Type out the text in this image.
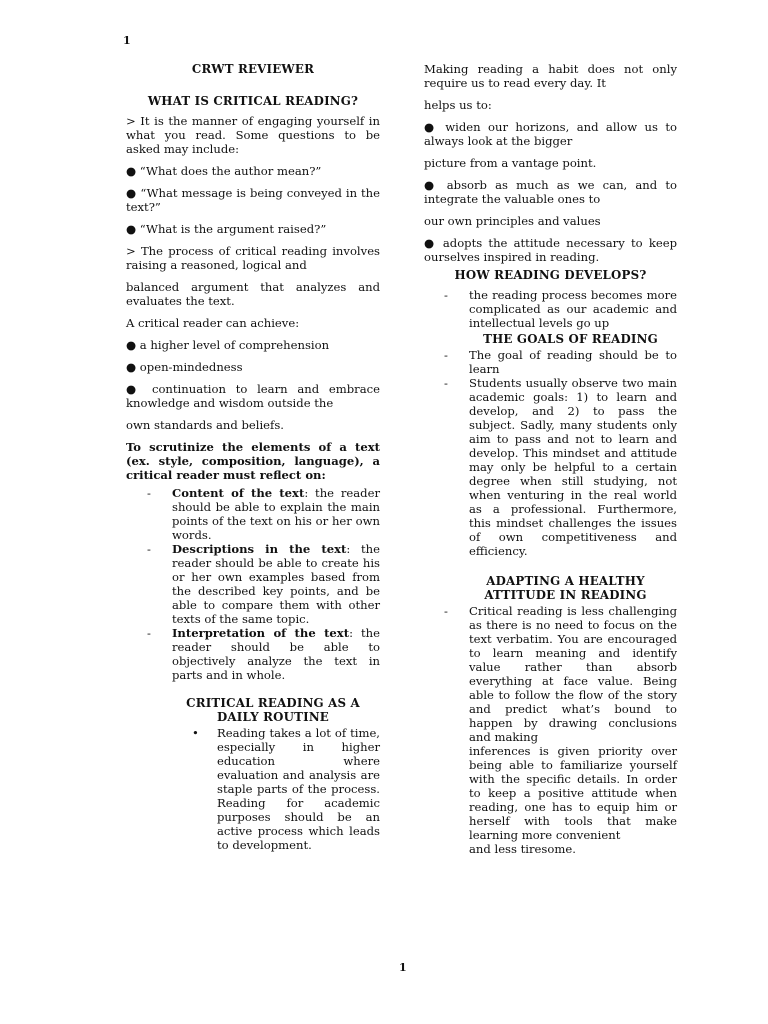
1
CRWT REVIEWER
WHAT IS CRITICAL READING?
> It is the manner of engaging yourself in what you read. Some questions to be asked may include:
● “What does the author mean?”
● “What message is being conveyed in the text?”
● “What is the argument raised?”
> The process of critical reading involves raising a reasoned, logical and
balanced argument that analyzes and evaluates the text.
A critical reader can achieve:
● a higher level of comprehension
● open-mindedness
● continuation to learn and embrace knowledge and wisdom outside the
own standards and beliefs.
To scrutinize the elements of a text (ex. style, composition, language), a critical reader must reflect on:
- Content of the text: the reader should be able to explain the main points of the text on his or her own words.
- Descriptions in the text: the reader should be able to create his or her own examples based from the described key points, and be able to compare them with other texts of the same topic.
- Interpretation of the text: the reader should be able to objectively analyze the text in parts and in whole.
CRITICAL READING AS A DAILY ROUTINE
• Reading takes a lot of time, especially in higher education where evaluation and analysis are staple parts of the process. Reading for academic purposes should be an active process which leads to development.
Making reading a habit does not only require us to read every day. It
helps us to:
● widen our horizons, and allow us to always look at the bigger
picture from a vantage point.
● absorb as much as we can, and to integrate the valuable ones to
our own principles and values
● adopts the attitude necessary to keep ourselves inspired in reading.
HOW READING DEVELOPS?
- the reading process becomes more complicated as our academic and intellectual levels go up
THE GOALS OF READING
- The goal of reading should be to learn
- Students usually observe two main academic goals: 1) to learn and develop, and 2) to pass the subject. Sadly, many students only aim to pass and not to learn and develop. This mindset and attitude may only be helpful to a certain degree when still studying, not when venturing in the real world as a professional. Furthermore, this mindset challenges the issues of own competitiveness and efficiency.
ADAPTING A HEALTHY ATTITUDE IN READING
- Critical reading is less challenging as there is no need to focus on the text verbatim. You are encouraged to learn meaning and identify value rather than absorb everything at face value. Being able to follow the flow of the story and predict what’s bound to happen by drawing conclusions and making
inferences is given priority over being able to familiarize yourself with the specific details. In order to keep a positive attitude when reading, one has to equip him or herself with tools that make learning more convenient
and less tiresome.
1
